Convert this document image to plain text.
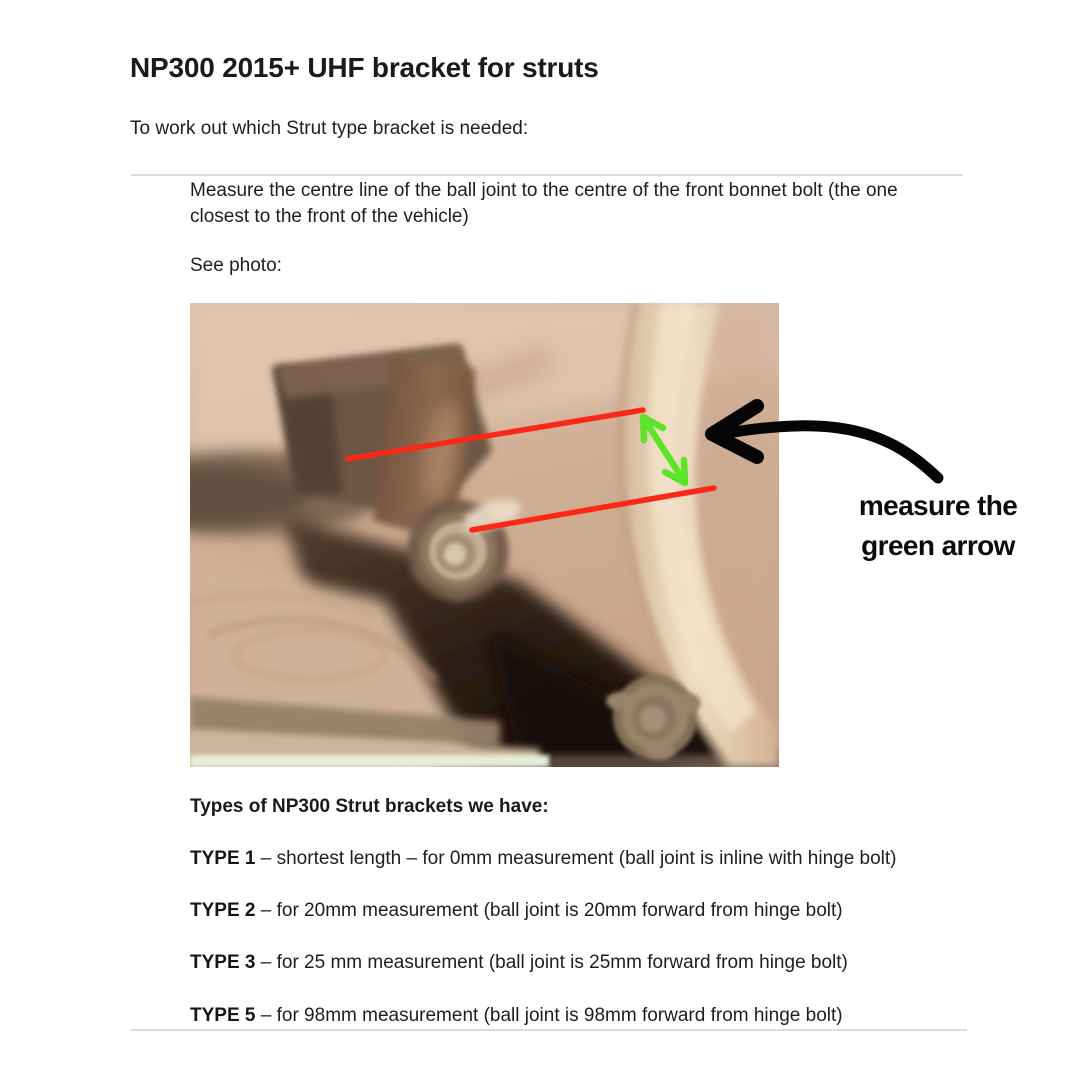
NP300 2015+ UHF bracket for struts
To work out which Strut type bracket is needed:
Measure the centre line of the ball joint to the centre of the front bonnet bolt (the one
closest to the front of the vehicle)
See photo:
measure the
green arrow
Types of NP300 Strut brackets we have:
TYPE 1 – shortest length – for 0mm measurement (ball joint is inline with hinge bolt)
TYPE 2 – for 20mm measurement (ball joint is 20mm forward from hinge bolt)
TYPE 3 – for 25 mm measurement (ball joint is 25mm forward from hinge bolt)
TYPE 5 – for 98mm measurement (ball joint is 98mm forward from hinge bolt)
